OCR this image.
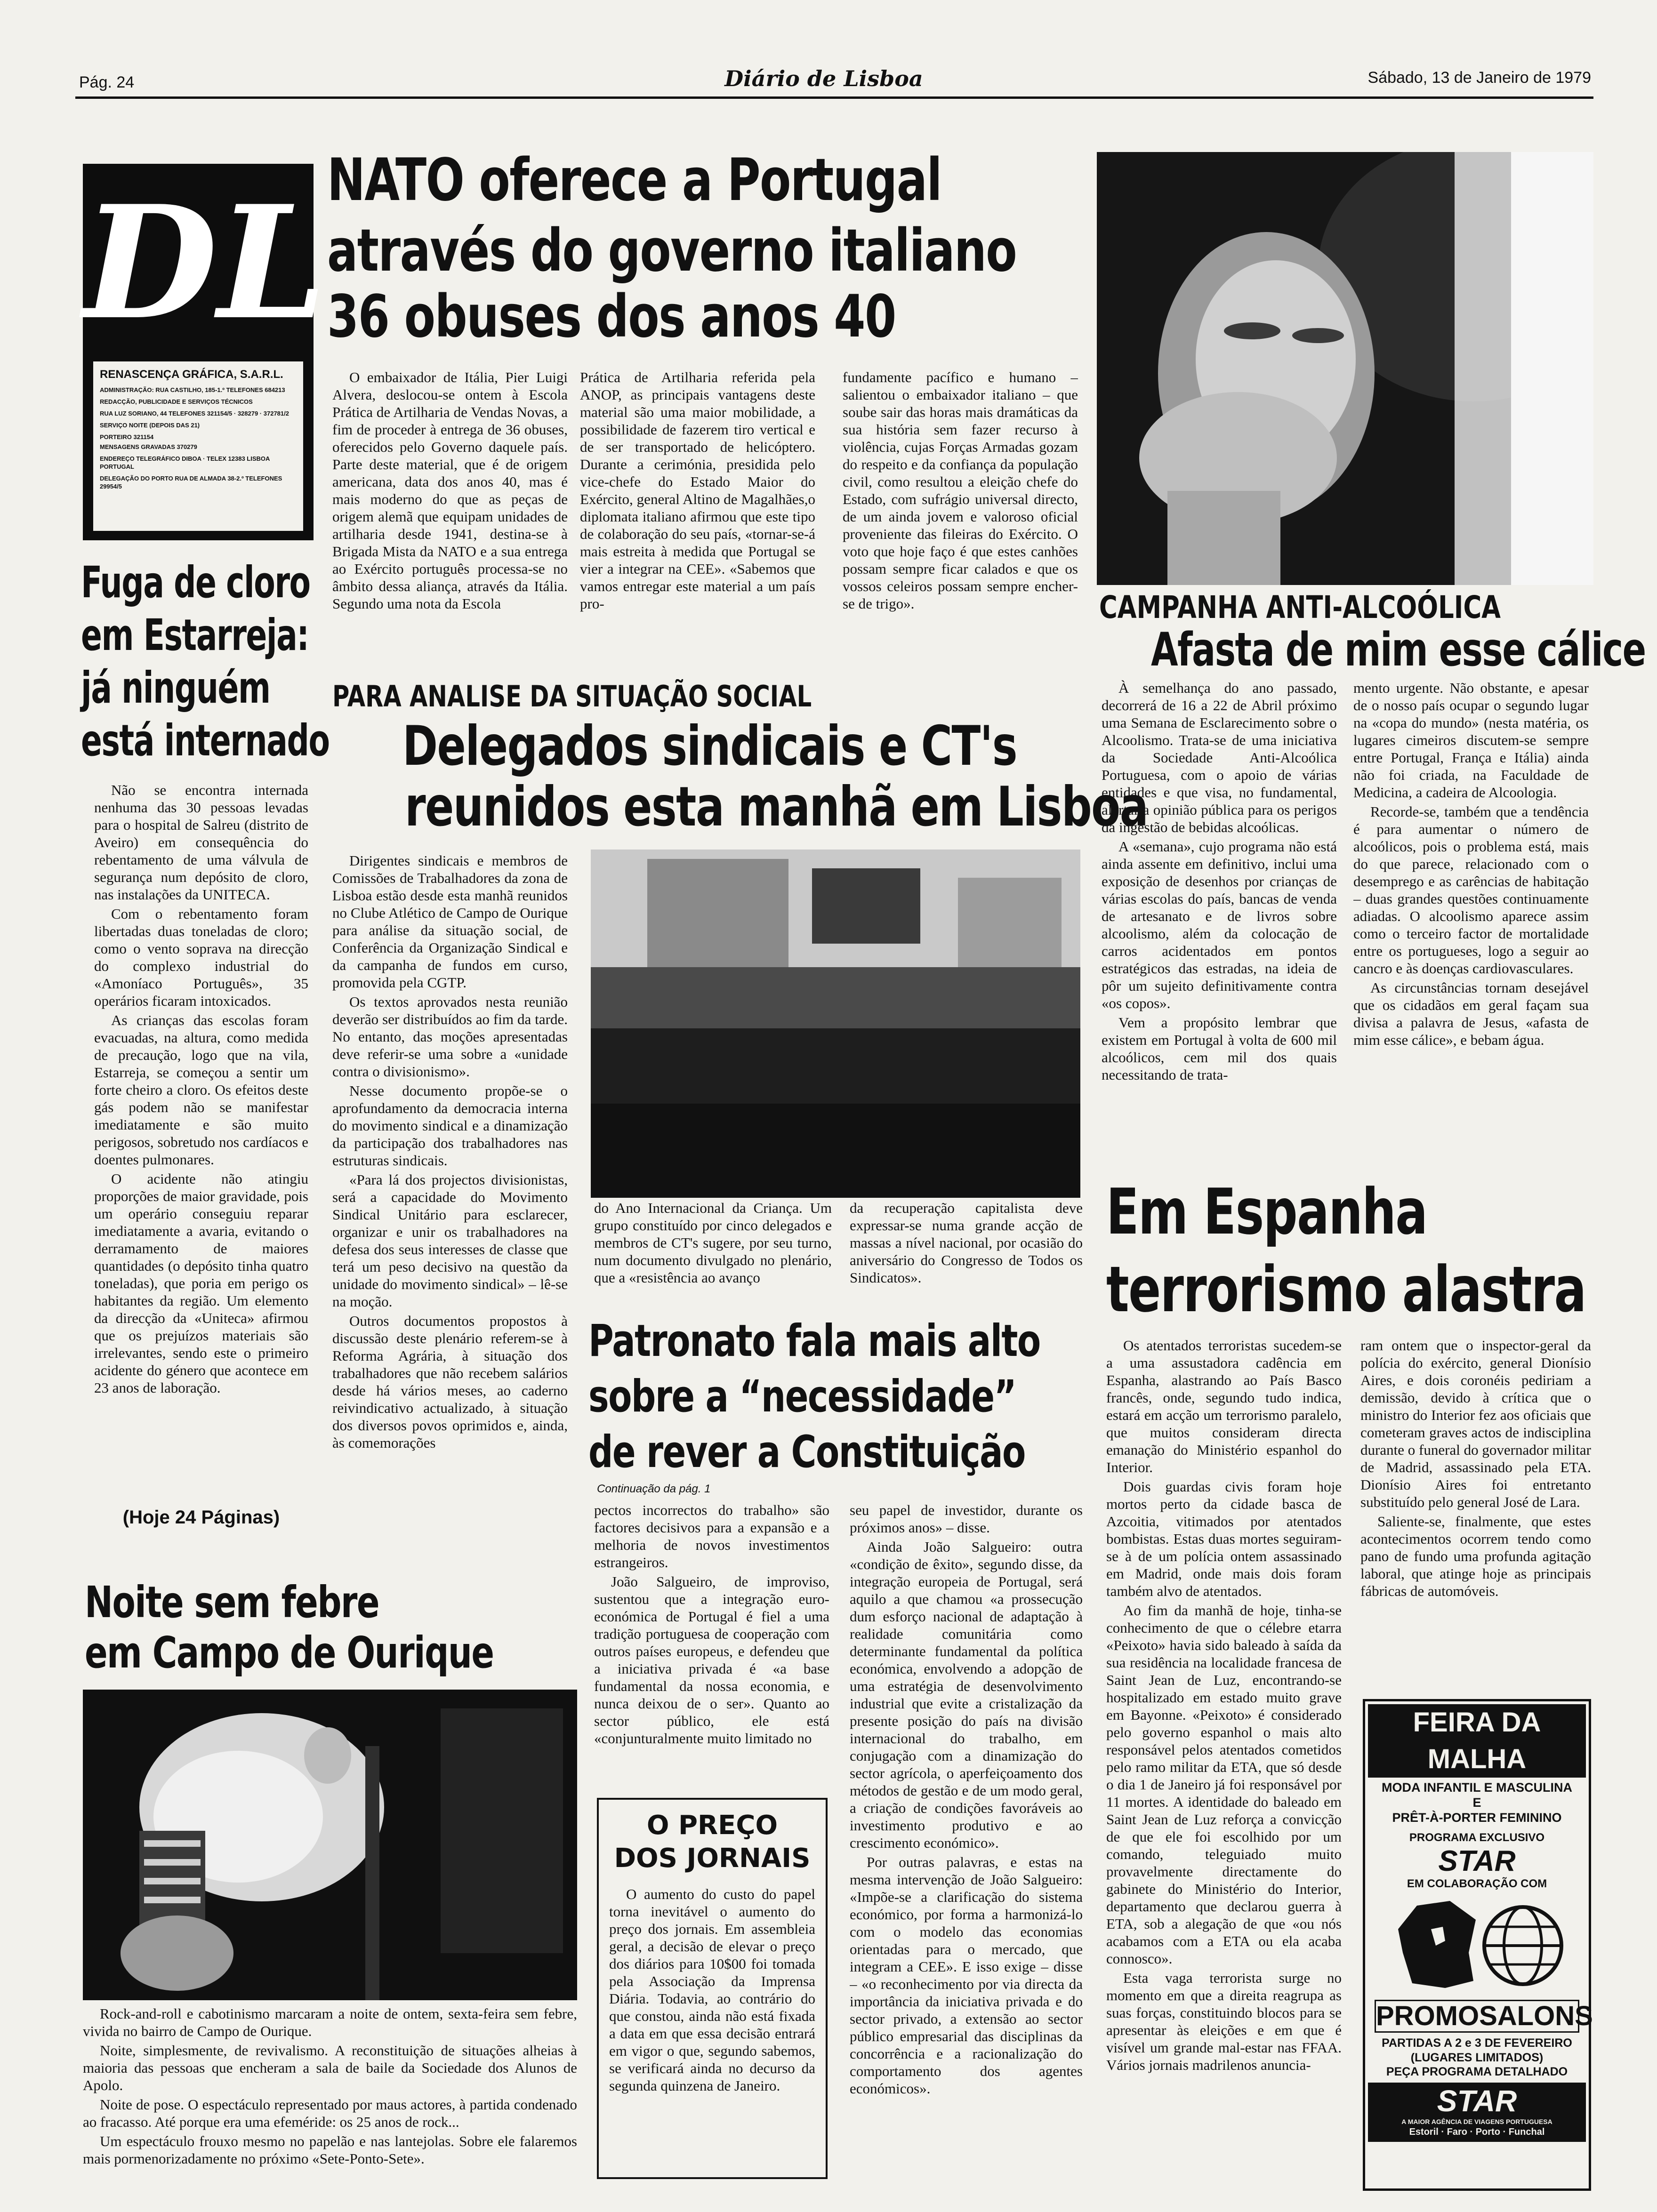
Pág. 24	Diário de Lisboa	Sábado, 13 de Janeiro de 1979
DL
RENASCENÇA GRÁFICA, S.A.R.L.
ADMINISTRAÇÃO: RUA CASTILHO, 185-1.º TELEFONES 684213
REDACÇÃO, PUBLICIDADE E SERVIÇOS TÉCNICOS
RUA LUZ SORIANO, 44 TELEFONES 321154/5 · 328279 · 372781/2
SERVIÇO NOITE (DEPOIS DAS 21)
PORTEIRO 321154
MENSAGENS GRAVADAS 370279
ENDEREÇO TELEGRÁFICO DIBOA · TELEX 12383 LISBOA PORTUGAL
DELEGAÇÃO DO PORTO RUA DE ALMADA 38-2.º TELEFONES 29954/5
NATO oferece a Portugal
através do governo italiano
36 obuses dos anos 40

O embaixador de Itália, Pier Luigi Alvera, deslocou-se ontem à Escola Prática de Artilharia de Vendas Novas, a fim de proceder à entrega de 36 obuses, oferecidos pelo Governo daquele país. Parte deste material, que é de origem americana, data dos anos 40, mas é mais moderno do que as peças de origem alemã que equipam unidades de artilharia desde 1941, destina-se à Brigada Mista da NATO e a sua entrega ao Exército português processa-se no âmbito dessa aliança, através da Itália. Segundo uma nota da Escola

Prática de Artilharia referida pela ANOP, as principais vantagens deste material são uma maior mobilidade, a possibilidade de fazerem tiro vertical e de ser transportado de helicóptero. Durante a cerimónia, presidida pelo vice-chefe do Estado Maior do Exército, general Altino de Magalhães,o diplomata italiano afirmou que este tipo de colaboração do seu país, «tornar-se-á mais estreita à medida que Portugal se vier a integrar na CEE». «Sabemos que vamos entregar este material a um país pro-

fundamente pacífico e humano – salientou o embaixador italiano – que soube sair das horas mais dramáticas da sua história sem fazer recurso à violência, cujas Forças Armadas gozam do respeito e da confiança da população civil, como resultou a eleição chefe do Estado, com sufrágio universal directo, de um ainda jovem e valoroso oficial proveniente das fileiras do Exército. O voto que hoje faço é que estes canhões possam sempre ficar calados e que os vossos celeiros possam sempre encher-se de trigo».

Fuga de cloro
em Estarreja:
já ninguém
está internado

Não se encontra internada nenhuma das 30 pessoas levadas para o hospital de Salreu (distrito de Aveiro) em consequência do rebentamento de uma válvula de segurança num depósito de cloro, nas instalações da UNITECA.

Com o rebentamento foram libertadas duas toneladas de cloro; como o vento soprava na direcção do complexo industrial do «Amoníaco Português», 35 operários ficaram intoxicados.

As crianças das escolas foram evacuadas, na altura, como medida de precaução, logo que na vila, Estarreja, se começou a sentir um forte cheiro a cloro. Os efeitos deste gás podem não se manifestar imediatamente e são muito perigosos, sobretudo nos cardíacos e doentes pulmonares.

O acidente não atingiu proporções de maior gravidade, pois um operário conseguiu reparar imediatamente a avaria, evitando o derramamento de maiores quantidades (o depósito tinha quatro toneladas), que poria em perigo os habitantes da região. Um elemento da direcção da «Uniteca» afirmou que os prejuízos materiais são irrelevantes, sendo este o primeiro acidente do género que acontece em 23 anos de laboração.

(Hoje 24 Páginas)
PARA ANALISE DA SITUAÇÃO SOCIAL
Delegados sindicais e CT's
reunidos esta manhã em Lisboa

Dirigentes sindicais e membros de Comissões de Trabalhadores da zona de Lisboa estão desde esta manhã reunidos no Clube Atlético de Campo de Ourique para análise da situação social, de Conferência da Organização Sindical e da campanha de fundos em curso, promovida pela CGTP.

Os textos aprovados nesta reunião deverão ser distribuídos ao fim da tarde. No entanto, das moções apresentadas deve referir-se uma sobre a «unidade contra o divisionismo».

Nesse documento propõe-se o aprofundamento da democracia interna do movimento sindical e a dinamização da participação dos trabalhadores nas estruturas sindicais.

«Para lá dos projectos divisionistas, será a capacidade do Movimento Sindical Unitário para esclarecer, organizar e unir os trabalhadores na defesa dos seus interesses de classe que terá um peso decisivo na questão da unidade do movimento sindical» – lê-se na moção.

Outros documentos propostos à discussão deste plenário referem-se à Reforma Agrária, à situação dos trabalhadores que não recebem salários desde há vários meses, ao caderno reivindicativo actualizado, à situação dos diversos povos oprimidos e, ainda, às comemorações

do Ano Internacional da Criança. Um grupo constituído por cinco delegados e membros de CT's sugere, por seu turno, num documento divulgado no plenário, que a «resistência ao avanço

da recuperação capitalista deve expressar-se numa grande acção de massas a nível nacional, por ocasião do aniversário do Congresso de Todos os Sindicatos».

CAMPANHA ANTI-ALCOÓLICA
Afasta de mim esse cálice

À semelhança do ano passado, decorrerá de 16 a 22 de Abril próximo uma Semana de Esclarecimento sobre o Alcoolismo. Trata-se de uma iniciativa da Sociedade Anti-Alcoólica Portuguesa, com o apoio de várias entidades e que visa, no fundamental, alertar a opinião pública para os perigos da ingestão de bebidas alcoólicas.

A «semana», cujo programa não está ainda assente em definitivo, inclui uma exposição de desenhos por crianças de várias escolas do país, bancas de venda de artesanato e de livros sobre alcoolismo, além da colocação de carros acidentados em pontos estratégicos das estradas, na ideia de pôr um sujeito definitivamente contra «os copos».

Vem a propósito lembrar que existem em Portugal à volta de 600 mil alcoólicos, cem mil dos quais necessitando de trata-

mento urgente. Não obstante, e apesar de o nosso país ocupar o segundo lugar na «copa do mundo» (nesta matéria, os lugares cimeiros discutem-se sempre entre Portugal, França e Itália) ainda não foi criada, na Faculdade de Medicina, a cadeira de Alcoologia.

Recorde-se, também que a tendência é para aumentar o número de alcoólicos, pois o problema está, mais do que parece, relacionado com o desemprego e as carências de habitação – duas grandes questões continuamente adiadas. O alcoolismo aparece assim como o terceiro factor de mortalidade entre os portugueses, logo a seguir ao cancro e às doenças cardiovasculares.

As circunstâncias tornam desejável que os cidadãos em geral façam sua divisa a palavra de Jesus, «afasta de mim esse cálice», e bebam água.

Em Espanha
terrorismo alastra

Os atentados terroristas sucedem-se a uma assustadora cadência em Espanha, alastrando ao País Basco francês, onde, segundo tudo indica, estará em acção um terrorismo paralelo, que muitos consideram directa emanação do Ministério espanhol do Interior.

Dois guardas civis foram hoje mortos perto da cidade basca de Azcoitia, vitimados por atentados bombistas. Estas duas mortes seguiram-se à de um polícia ontem assassinado em Madrid, onde mais dois foram também alvo de atentados.

Ao fim da manhã de hoje, tinha-se conhecimento de que o célebre etarra «Peixoto» havia sido baleado à saída da sua residência na localidade francesa de Saint Jean de Luz, encontrando-se hospitalizado em estado muito grave em Bayonne. «Peixoto» é considerado pelo governo espanhol o mais alto responsável pelos atentados cometidos pelo ramo militar da ETA, que só desde o dia 1 de Janeiro já foi responsável por 11 mortes. A identidade do baleado em Saint Jean de Luz reforça a convicção de que ele foi escolhido por um comando, teleguiado muito provavelmente directamente do gabinete do Ministério do Interior, departamento que declarou guerra à ETA, sob a alegação de que «ou nós acabamos com a ETA ou ela acaba connosco».

Esta vaga terrorista surge no momento em que a direita reagrupa as suas forças, constituindo blocos para se apresentar às eleições e em que é visível um grande mal-estar nas FFAA. Vários jornais madrilenos anuncia-

ram ontem que o inspector-geral da polícia do exército, general Dionísio Aires, e dois coronéis pediriam a demissão, devido à crítica que o ministro do Interior fez aos oficiais que cometeram graves actos de indisciplina durante o funeral do governador militar de Madrid, assassinado pela ETA. Dionísio Aires foi entretanto substituído pelo general José de Lara.

Saliente-se, finalmente, que estes acontecimentos ocorrem tendo como pano de fundo uma profunda agitação laboral, que atinge hoje as principais fábricas de automóveis.

FEIRA DA MALHA
MODA INFANTIL E MASCULINA
E
PRÊT-À-PORTER FEMININO
PROGRAMA EXCLUSIVO
STAR
EM COLABORAÇÃO COM
PROMOSALONS
PARTIDAS A 2 e 3 DE FEVEREIRO
(LUGARES LIMITADOS)
PEÇA PROGRAMA DETALHADO
STAR
A MAIOR AGÊNCIA DE VIAGENS PORTUGUESA
Estoril · Faro · Porto · Funchal
Patronato fala mais alto
sobre a “necessidade”
de rever a Constituição
Continuação da pág. 1

pectos incorrectos do trabalho» são factores decisivos para a expansão e a melhoria de novos investimentos estrangeiros.

João Salgueiro, de improviso, sustentou que a integração euro-económica de Portugal é fiel a uma tradição portuguesa de cooperação com outros países europeus, e defendeu que a iniciativa privada é «a base fundamental da nossa economia, e nunca deixou de o ser». Quanto ao sector público, ele está «conjunturalmente muito limitado no

seu papel de investidor, durante os próximos anos» – disse.

Ainda João Salgueiro: outra «condição de êxito», segundo disse, da integração europeia de Portugal, será aquilo a que chamou «a prossecução dum esforço nacional de adaptação à realidade comunitária como determinante fundamental da política económica, envolvendo a adopção de uma estratégia de desenvolvimento industrial que evite a cristalização da presente posição do país na divisão internacional do trabalho, em conjugação com a dinamização do sector agrícola, o aperfeiçoamento dos métodos de gestão e de um modo geral, a criação de condições favoráveis ao investimento produtivo e ao crescimento económico».

Por outras palavras, e estas na mesma intervenção de João Salgueiro: «Impõe-se a clarificação do sistema económico, por forma a harmonizá-lo com o modelo das economias orientadas para o mercado, que integram a CEE». E isso exige – disse – «o reconhecimento por via directa da importância da iniciativa privada e do sector privado, a extensão ao sector público empresarial das disciplinas da concorrência e a racionalização do comportamento dos agentes económicos».

O PREÇO
DOS JORNAIS

O aumento do custo do papel torna inevitável o aumento do preço dos jornais. Em assembleia geral, a decisão de elevar o preço dos diários para 10$00 foi tomada pela Associação da Imprensa Diária. Todavia, ao contrário do que constou, ainda não está fixada a data em que essa decisão entrará em vigor o que, segundo sabemos, se verificará ainda no decurso da segunda quinzena de Janeiro.

Noite sem febre
em Campo de Ourique

Rock-and-roll e cabotinismo marcaram a noite de ontem, sexta-feira sem febre, vivida no bairro de Campo de Ourique.

Noite, simplesmente, de revivalismo. A reconstituição de situações alheias à maioria das pessoas que encheram a sala de baile da Sociedade dos Alunos de Apolo.

Noite de pose. O espectáculo representado por maus actores, à partida condenado ao fracasso. Até porque era uma efeméride: os 25 anos de rock...

Um espectáculo frouxo mesmo no papelão e nas lantejolas. Sobre ele falaremos mais pormenorizadamente no próximo «Sete-Ponto-Sete».
